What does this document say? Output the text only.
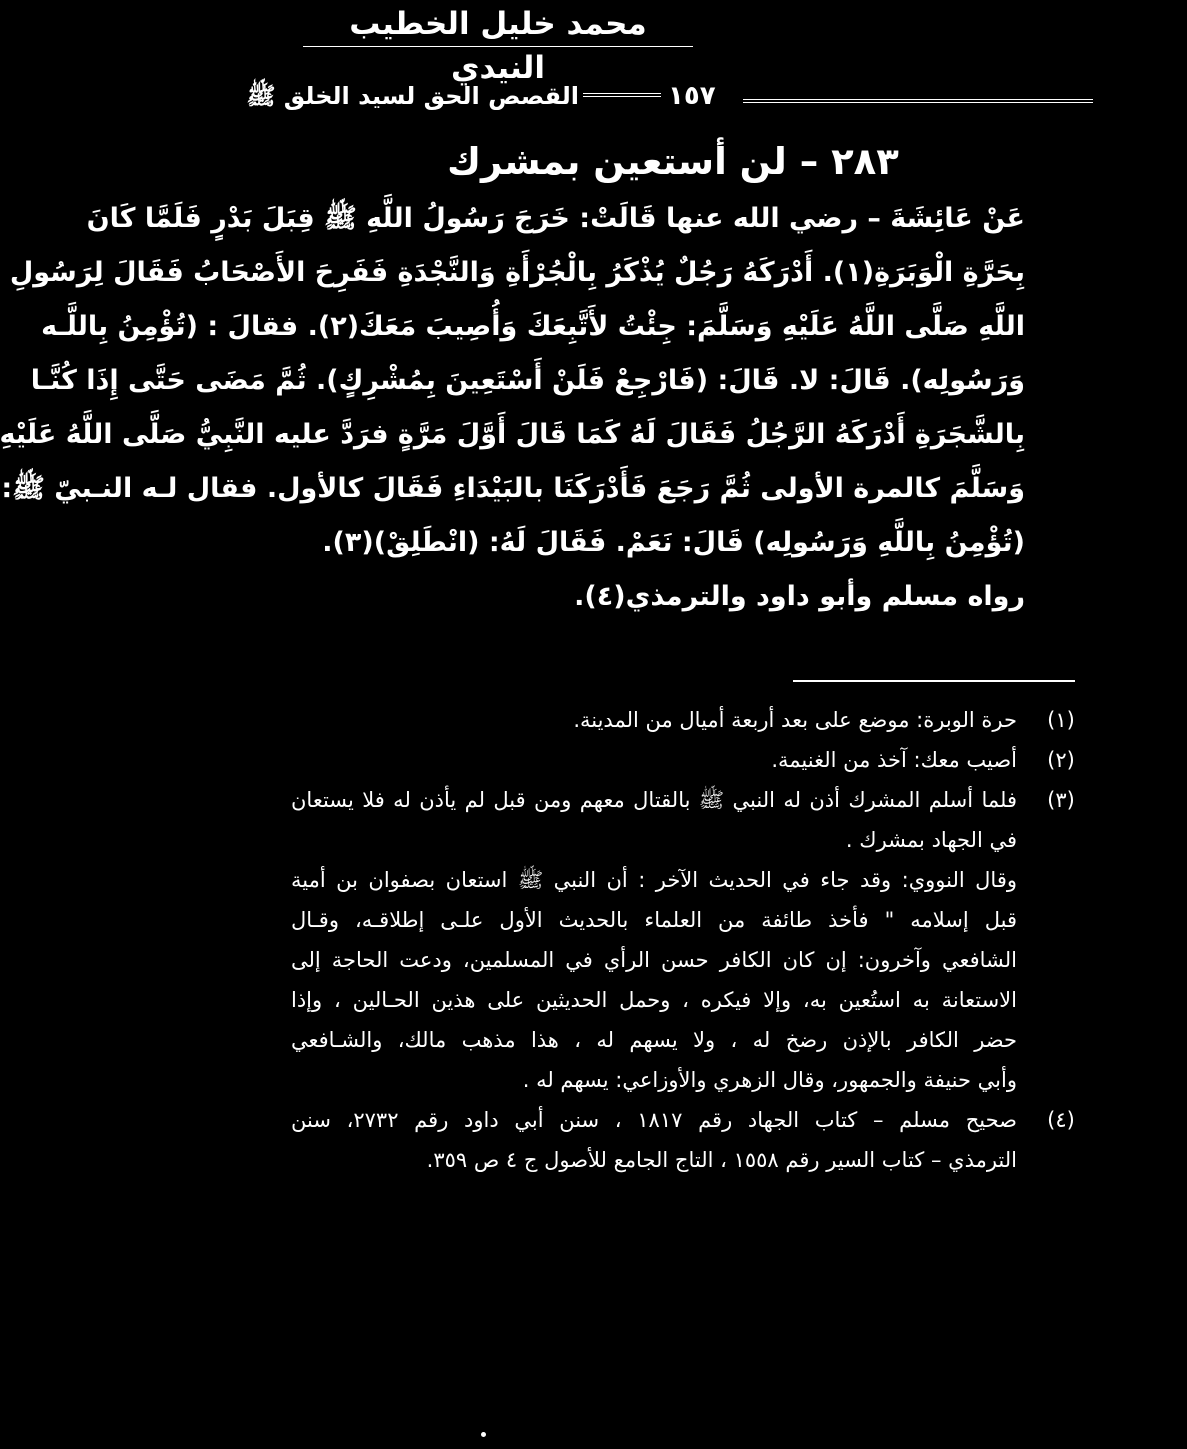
محمد خليل الخطيب النيدي
القصص الحق لسيد الخلق ﷺ	١٥٧
٢٨٣ – لن أستعين بمشرك
عَنْ عَائِشَةَ – رضي الله عنها قَالَتْ: خَرَجَ رَسُولُ اللَّهِ ﷺ قِبَلَ بَدْرٍ فَلَمَّا كَانَ
بِحَرَّةِ الْوَبَرَةِ(١). أَدْرَكَهُ رَجُلٌ يُذْكَرُ بِالْجُرْأَةِ وَالنَّجْدَةِ فَفَرِحَ الأَصْحَابُ فَقَالَ لِرَسُولِ
اللَّهِ صَلَّى اللَّهُ عَلَيْهِ وَسَلَّمَ: جِئْتُ لأَتَّبِعَكَ وَأُصِيبَ مَعَكَ(٢). فقالَ : (تُؤْمِنُ بِاللَّـه
وَرَسُولِه). قَالَ: لا. قَالَ: (فَارْجِعْ فَلَنْ أَسْتَعِينَ بِمُشْرِكٍ). ثُمَّ مَضَى حَتَّى إِذَا كُنَّـا
بِالشَّجَرَةِ أَدْرَكَهُ الرَّجُلُ فَقَالَ لَهُ كَمَا قَالَ أَوَّلَ مَرَّةٍ فرَدَّ عليه النَّبِيُّ صَلَّى اللَّهُ عَلَيْهِ
وَسَلَّمَ كالمرة الأولى ثُمَّ رَجَعَ فَأَدْرَكَنَا بالبَيْدَاءِ فَقَالَ كالأول. فقال لـه النـبيّ ﷺ:
(تُؤْمِنُ بِاللَّهِ وَرَسُولِه) قَالَ: نَعَمْ. فَقَالَ لَهُ: (انْطَلِقْ)(٣).
رواه مسلم وأبو داود والترمذي(٤).
(١)
حرة الوبرة: موضع على بعد أربعة أميال من المدينة.
(٢)
أصيب معك: آخذ من الغنيمة.
(٣)
فلما أسلم المشرك أذن له النبي ﷺ بالقتال معهم ومن قبل لم يأذن له فلا يستعان
في الجهاد بمشرك .
وقال النووي: وقد جاء في الحديث الآخر : أن النبي ﷺ استعان بصفوان بن أمية
قبل إسلامه " فأخذ طائفة من العلماء بالحديث الأول علـى إطلاقـه، وقـال
الشافعي وآخرون: إن كان الكافر حسن الرأي في المسلمين، ودعت الحاجة إلى
الاستعانة به استُعين به، وإلا فيكره ، وحمل الحديثين على هذين الحـالين ، وإذا
حضر الكافر بالإذن رضخ له ، ولا يسهم له ، هذا مذهب مالك، والشـافعي
وأبي حنيفة والجمهور، وقال الزهري والأوزاعي: يسهم له .
(٤)
صحيح مسلم – كتاب الجهاد رقم ١٨١٧ ، سنن أبي داود رقم ٢٧٣٢، سنن
الترمذي – كتاب السير رقم ١٥٥٨ ، التاج الجامع للأصول ج ٤ ص ٣٥٩.
